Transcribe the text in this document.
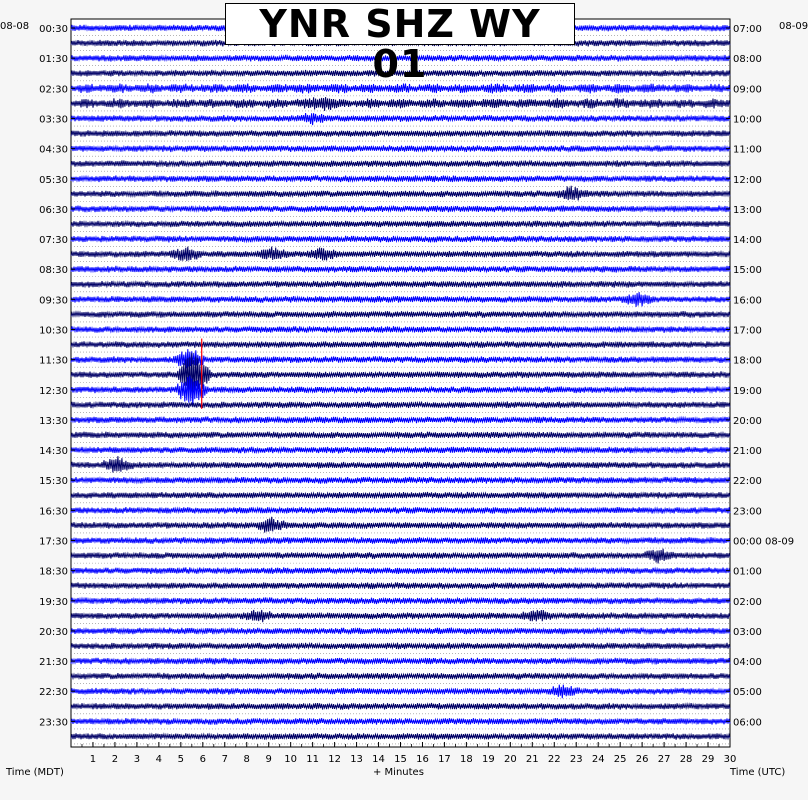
1 2 3 4 5 6 7 8 9 10 11 12 13 14 15 16 17 18 19 20 21 22 23 24 25 26 27 28 29 30
00:30
01:30
02:30
03:30
04:30
05:30
06:30
07:30
08:30
09:30
10:30
11:30
12:30
13:30
14:30
15:30
16:30
17:30
18:30
19:30
20:30
21:30
22:30
23:30
07:00
08:00
09:00
10:00
11:00
12:00
13:00
14:00
15:00
16:00
17:00
18:00
19:00
20:00
21:00
22:00
23:00
00:00 08-09
01:00
02:00
03:00
04:00
05:00
06:00
YNR SHZ WY 01
08-08	08-09
Time (MDT)	+ Minutes	Time (UTC)
